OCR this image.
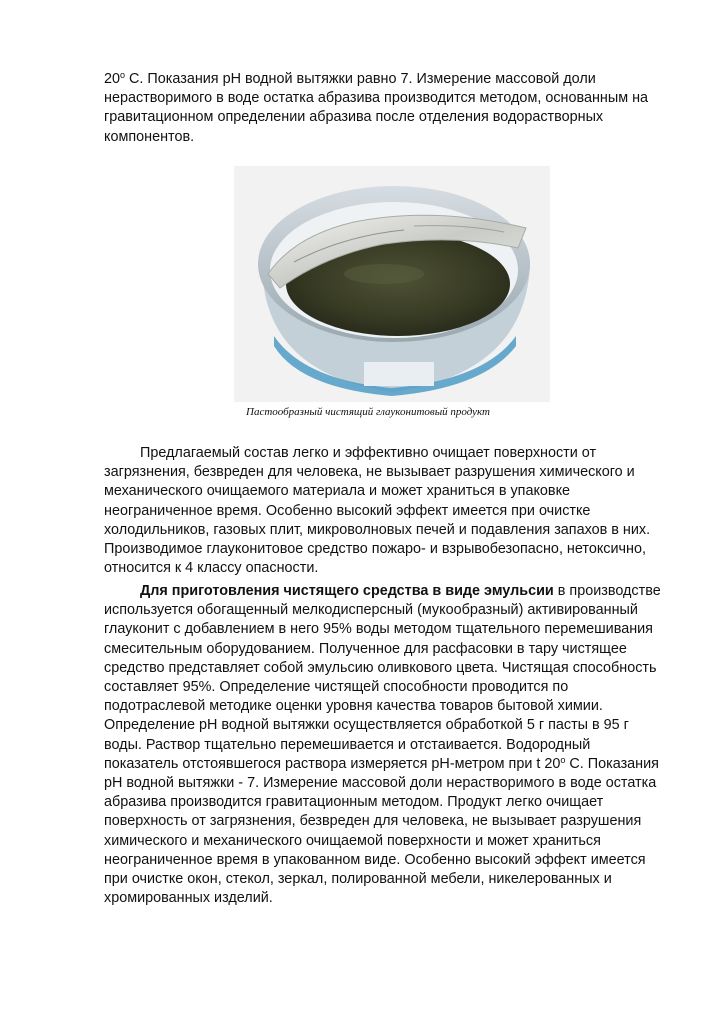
20$^o$ С. Показания рН водной вытяжки равно 7. Измерение массовой доли
нерастворимого в воде остатка абразива производится методом, основанным на
гравитационном определении абразива после отделения водорастворных
компонентов.
Пастообразный чистящий глауконитовый продукт
Предлагаемый состав легко и эффективно очищает поверхности от
загрязнения, безвреден для человека, не вызывает разрушения химического и
механического очищаемого материала и может храниться в упаковке
неограниченное время. Особенно высокий эффект имеется при очистке
холодильников, газовых плит, микроволновых печей и подавления запахов в них.
Производимое глауконитовое средство пожаро- и взрывобезопасно, нетоксично,
относится к 4 классу опасности.
Для приготовления чистящего средства в виде эмульсии в производстве
используется обогащенный мелкодисперсный (мукообразный) активированный
глауконит с добавлением в него 95% воды методом тщательного перемешивания
смесительным оборудованием. Полученное для расфасовки в тару чистящее
средство представляет собой эмульсию оливкового цвета. Чистящая способность
составляет 95%. Определение чистящей способности проводится по
подотраслевой методике оценки уровня качества товаров бытовой химии.
Определение рН водной вытяжки осуществляется обработкой 5 г пасты в 95 г
воды. Раствор тщательно перемешивается и отстаивается. Водородный
показатель отстоявшегося раствора измеряется рН-метром при t 20$^o$ С. Показания
рН водной вытяжки - 7. Измерение массовой доли нерастворимого в воде остатка
абразива производится гравитационным методом. Продукт легко очищает
поверхность от загрязнения, безвреден для человека, не вызывает разрушения
химического и механического очищаемой поверхности и может храниться
неограниченное время в упакованном виде. Особенно высокий эффект имеется
при очистке окон, стекол, зеркал, полированной мебели, никелерованных и
хромированных изделий.
